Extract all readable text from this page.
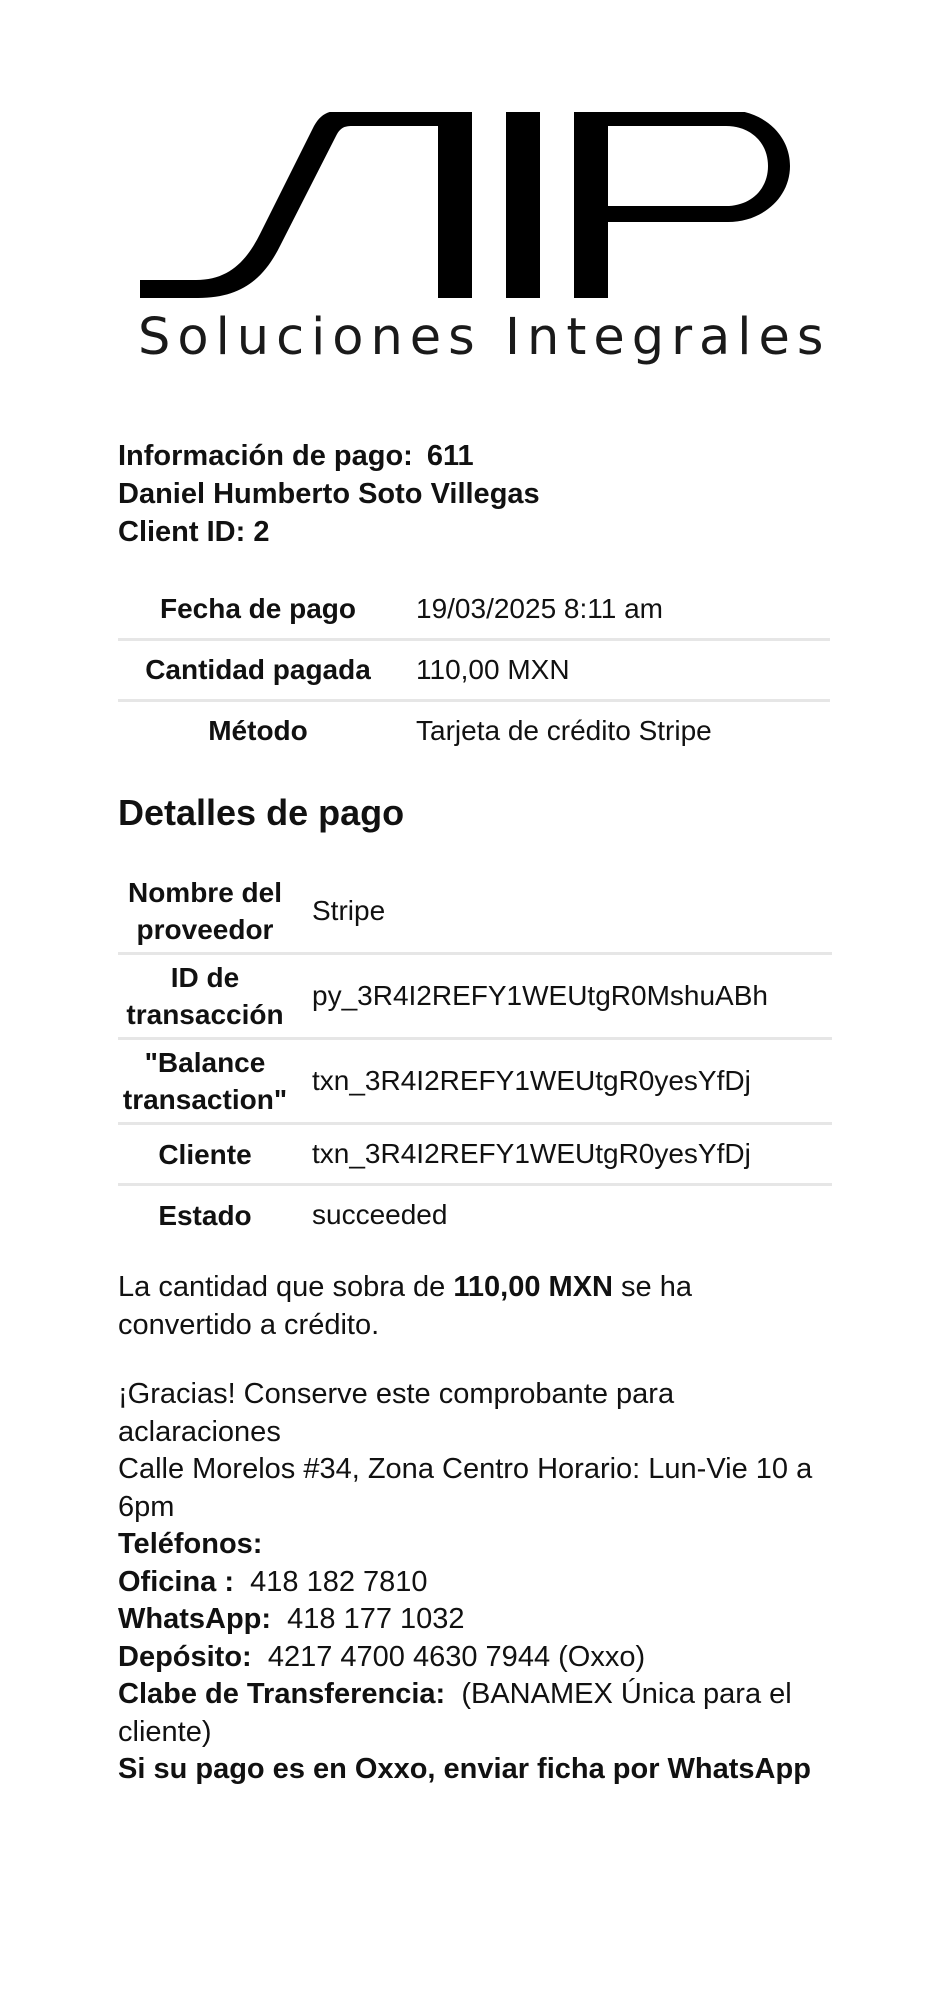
Soluciones Integrales
Información de pago: 611
Daniel Humberto Soto Villegas
Client ID: 2
Fecha de pago	19/03/2025 8:11 am
Cantidad pagada	110,00 MXN
Método	Tarjeta de crédito Stripe
Detalles de pago
Nombre del
proveedor	Stripe
ID de
transacción	py_3R4I2REFY1WEUtgR0MshuABh
"Balance
transaction"	txn_3R4I2REFY1WEUtgR0yesYfDj
Cliente	txn_3R4I2REFY1WEUtgR0yesYfDj
Estado	succeeded

La cantidad que sobra de 110,00 MXN se ha convertido a crédito.

¡Gracias! Conserve este comprobante para aclaraciones
Calle Morelos #34, Zona Centro Horario: Lun-Vie 10 a 6pm
Teléfonos:
Oficina : 418 182 7810
WhatsApp: 418 177 1032
Depósito: 4217 4700 4630 7944 (Oxxo)
Clabe de Transferencia: (BANAMEX Única para el cliente)
Si su pago es en Oxxo, enviar ficha por WhatsApp
